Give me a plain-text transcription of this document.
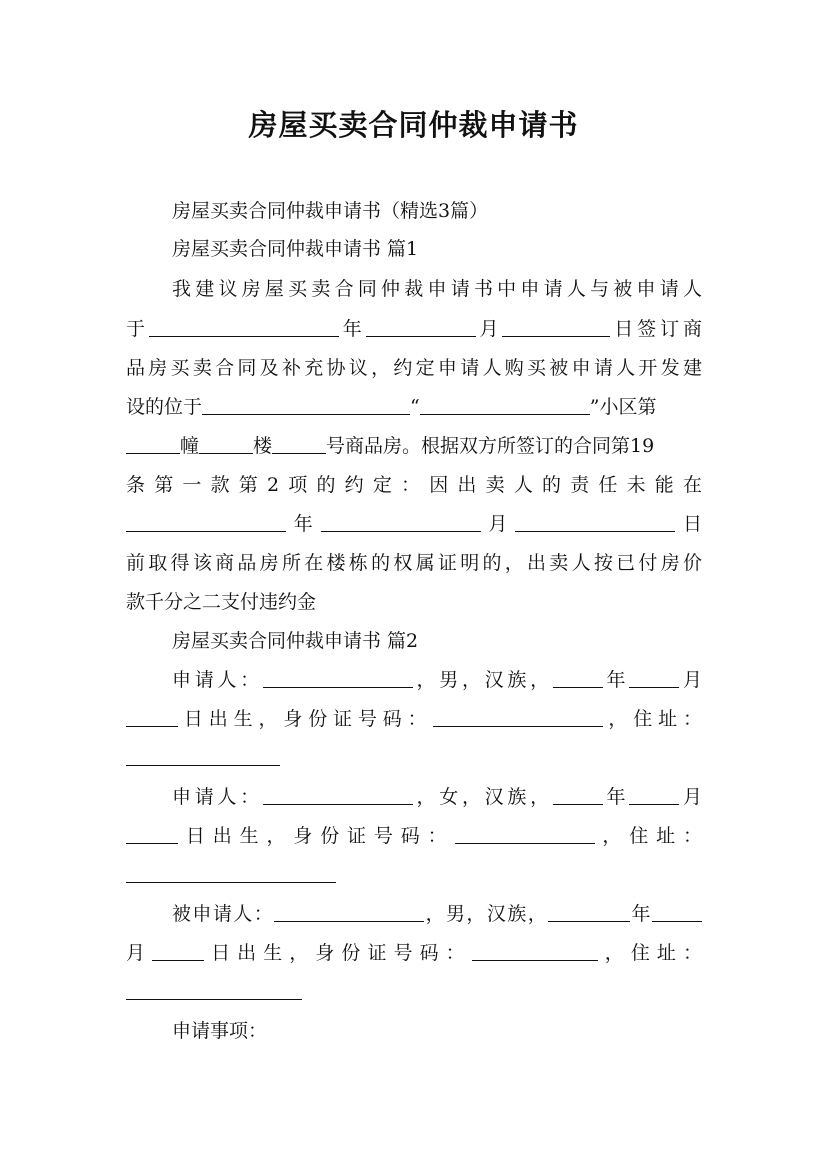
房屋买卖合同仲裁申请书
房屋买卖合同仲裁申请书（精选3篇）
房屋买卖合同仲裁申请书 篇1
我建议房屋买卖合同仲裁申请书中申请人与被申请人
于	年	月	日签订商
品房买卖合同及补充协议，约定申请人购买被申请人开发建
设的位于	“	”小区第
幢	楼	号商品房。根据双方所签订的合同第19
条第一款第2项的约定：因出卖人的责任未能在
年	月	日
前取得该商品房所在楼栋的权属证明的，出卖人按已付房价
款千分之二支付违约金
房屋买卖合同仲裁申请书 篇2
申请人：	，男，汉族，	年	月
日出生，身份证号码：	，住址：
申请人：	，女，汉族，	年	月
日出生，身份证号码：	，住址：
被申请人：	，男，汉族，	年
月	日出生，身份证号码：	，住址：
申请事项：
